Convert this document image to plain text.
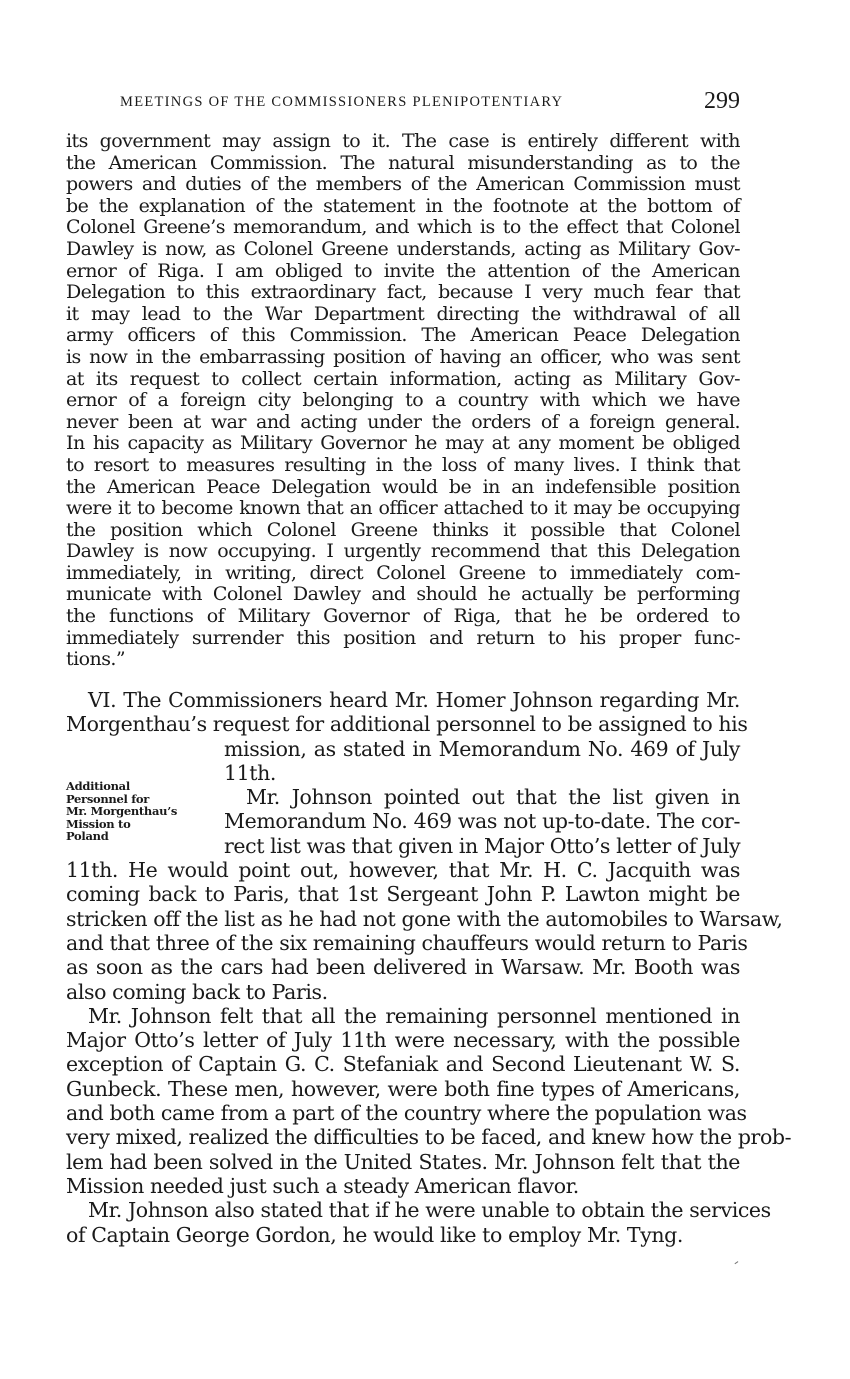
MEETINGS OF THE COMMISSIONERS PLENIPOTENTIARY	299
its government may assign to it. The case is entirely different with
the American Commission. The natural misunderstanding as to the
powers and duties of the members of the American Commission must
be the explanation of the statement in the footnote at the bottom of
Colonel Greene’s memorandum, and which is to the effect that Colonel
Dawley is now, as Colonel Greene understands, acting as Military Gov-
ernor of Riga. I am obliged to invite the attention of the American
Delegation to this extraordinary fact, because I very much fear that
it may lead to the War Department directing the withdrawal of all
army officers of this Commission. The American Peace Delegation
is now in the embarrassing position of having an officer, who was sent
at its request to collect certain information, acting as Military Gov-
ernor of a foreign city belonging to a country with which we have
never been at war and acting under the orders of a foreign general.
In his capacity as Military Governor he may at any moment be obliged
to resort to measures resulting in the loss of many lives. I think that
the American Peace Delegation would be in an indefensible position
were it to become known that an officer attached to it may be occupying
the position which Colonel Greene thinks it possible that Colonel
Dawley is now occupying. I urgently recommend that this Delegation
immediately, in writing, direct Colonel Greene to immediately com-
municate with Colonel Dawley and should he actually be performing
the functions of Military Governor of Riga, that he be ordered to
immediately surrender this position and return to his proper func-
tions.”
Additional
Personnel for
Mr. Morgenthau’s
Mission to
Poland
VI. The Commissioners heard Mr. Homer Johnson regarding Mr.
Morgenthau’s request for additional personnel to be assigned to his
mission, as stated in Memorandum No. 469 of July
11th.
Mr. Johnson pointed out that the list given in
Memorandum No. 469 was not up-to-date. The cor-
rect list was that given in Major Otto’s letter of July
11th. He would point out, however, that Mr. H. C. Jacquith was
coming back to Paris, that 1st Sergeant John P. Lawton might be
stricken off the list as he had not gone with the automobiles to Warsaw,
and that three of the six remaining chauffeurs would return to Paris
as soon as the cars had been delivered in Warsaw. Mr. Booth was
also coming back to Paris.
Mr. Johnson felt that all the remaining personnel mentioned in
Major Otto’s letter of July 11th were necessary, with the possible
exception of Captain G. C. Stefaniak and Second Lieutenant W. S.
Gunbeck. These men, however, were both fine types of Americans,
and both came from a part of the country where the population was
very mixed, realized the difficulties to be faced, and knew how the prob-
lem had been solved in the United States. Mr. Johnson felt that the
Mission needed just such a steady American flavor.
Mr. Johnson also stated that if he were unable to obtain the services
of Captain George Gordon, he would like to employ Mr. Tyng.
